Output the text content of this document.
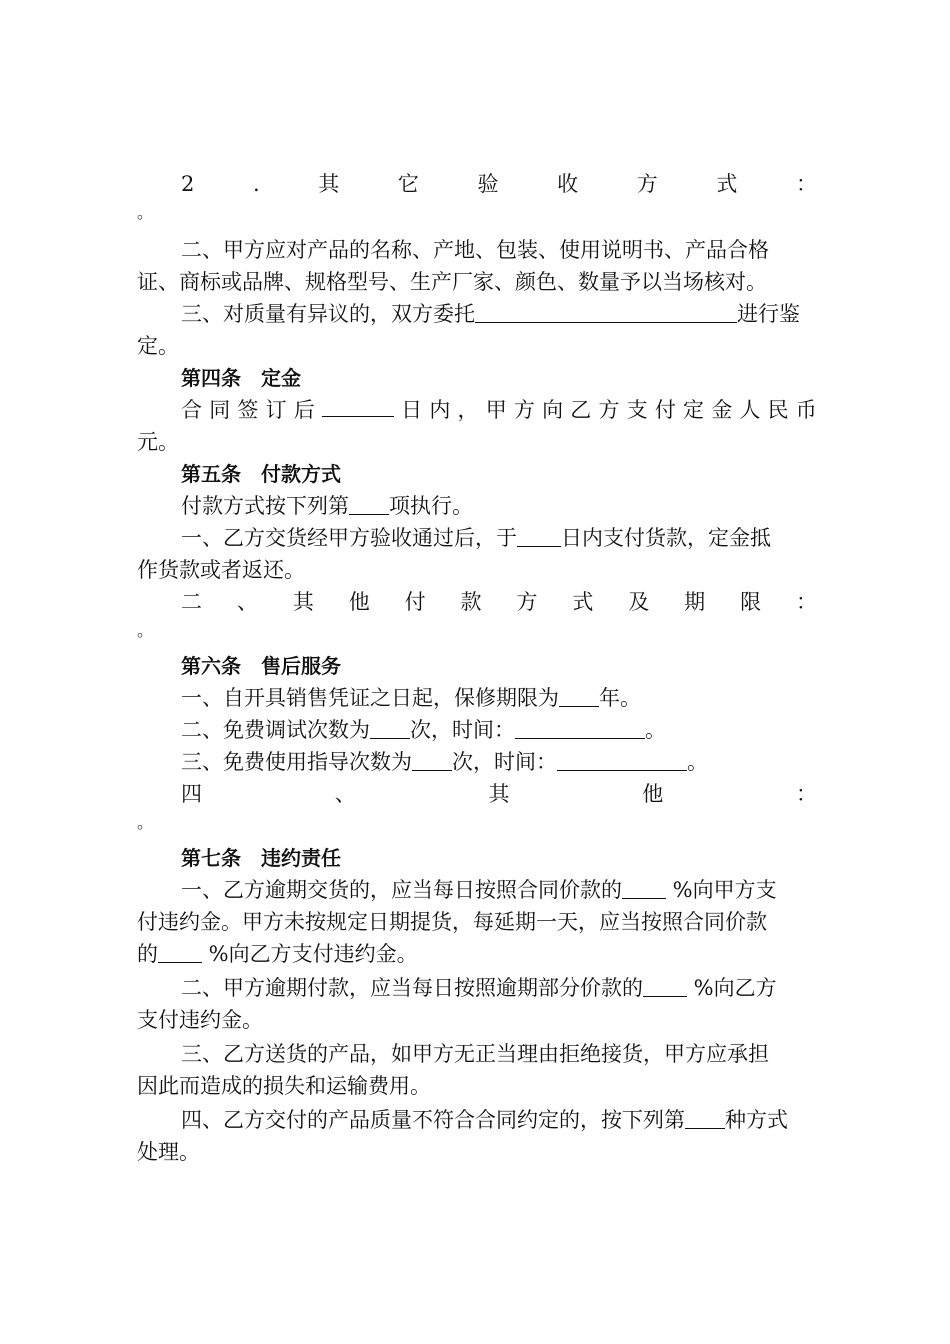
2	.	其	它	验	收	方	式	：
。
二、甲方应对产品的名称、产地、包装、使用说明书、产品合格
证、商标或品牌、规格型号、生产厂家、颜色、数量予以当场核对。
三、对质量有异议的，双方委托	进行鉴
定。
第四条 定金
合 同 签 订 后	日 内 ， 甲 方 向 乙 方 支 付 定 金 人 民 币
元。
第五条 付款方式
付款方式按下列第 项执行。
一、乙方交货经甲方验收通过后，于 日内支付货款，定金抵
作货款或者返还。
二 、 其 他 付 款 方 式 及 期 限 ：
。
第六条 售后服务
一、自开具销售凭证之日起，保修期限为 年。
二、免费调试次数为 次，时间：	。
三、免费使用指导次数为 次，时间：	。
四	、	其	他	：
。
第七条 违约责任
一、乙方逾期交货的，应当每日按照合同价款的 %向甲方支
付违约金。甲方未按规定日期提货，每延期一天，应当按照合同价款
的 %向乙方支付违约金。
二、甲方逾期付款，应当每日按照逾期部分价款的 %向乙方
支付违约金。
三、乙方送货的产品，如甲方无正当理由拒绝接货，甲方应承担
因此而造成的损失和运输费用。
四、乙方交付的产品质量不符合合同约定的，按下列第 种方式
处理。
